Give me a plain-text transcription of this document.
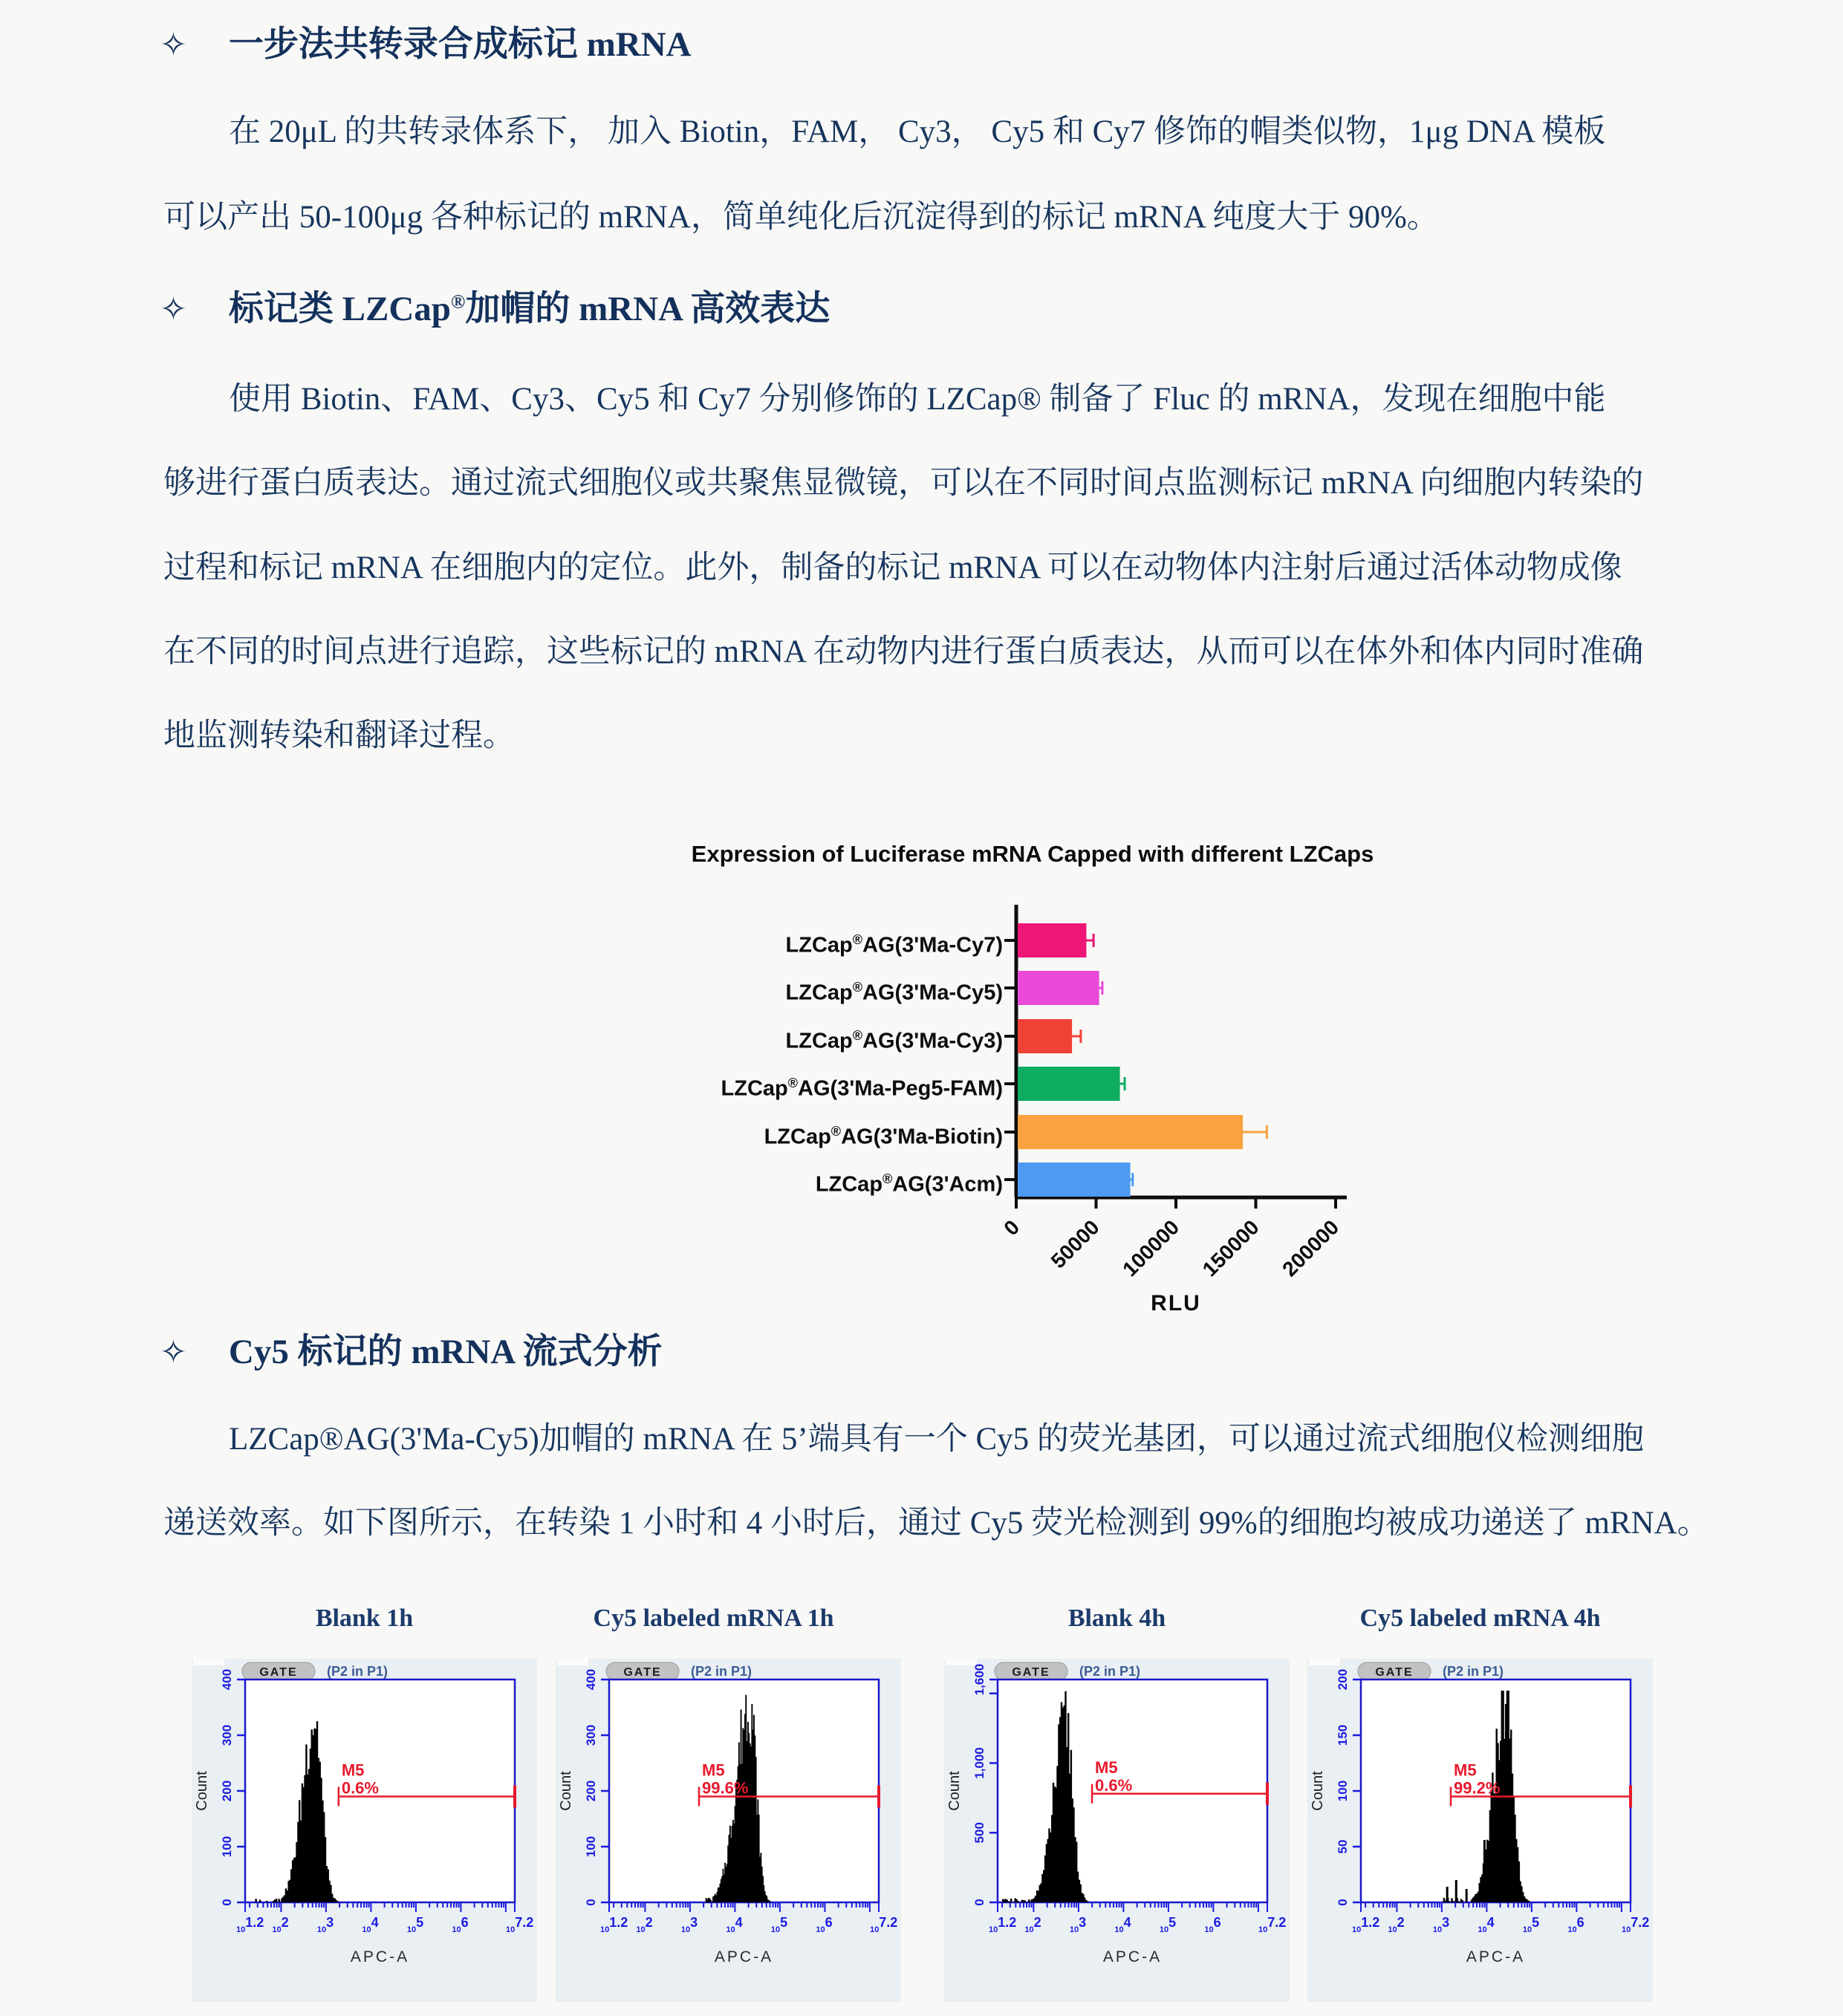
✧ 一步法共转录合成标记 mRNA
在 20μL 的共转录体系下， 加入 Biotin，FAM， Cy3， Cy5 和 Cy7 修饰的帽类似物，1μg DNA 模板
可以产出 50-100μg 各种标记的 mRNA，简单纯化后沉淀得到的标记 mRNA 纯度大于 90%。
✧ 标记类 LZCap®加帽的 mRNA 高效表达
使用 Biotin、FAM、Cy3、Cy5 和 Cy7 分别修饰的 LZCap® 制备了 Fluc 的 mRNA，发现在细胞中能
够进行蛋白质表达。通过流式细胞仪或共聚焦显微镜，可以在不同时间点监测标记 mRNA 向细胞内转染的
过程和标记 mRNA 在细胞内的定位。此外，制备的标记 mRNA 可以在动物体内注射后通过活体动物成像
在不同的时间点进行追踪，这些标记的 mRNA 在动物内进行蛋白质表达，从而可以在体外和体内同时准确
地监测转染和翻译过程。
Expression of Luciferase mRNA Capped with different LZCaps
LZCap®AG(3'Ma-Cy7)
LZCap®AG(3'Ma-Cy5)
LZCap®AG(3'Ma-Cy3)
LZCap®AG(3'Ma-Peg5-FAM)
LZCap®AG(3'Ma-Biotin)
LZCap®AG(3'Acm)
0 50000 100000 150000 200000
RLU
✧ Cy5 标记的 mRNA 流式分析
LZCap®AG(3'Ma-Cy5)加帽的 mRNA 在 5’端具有一个 Cy5 的荧光基团，可以通过流式细胞仪检测细胞
递送效率。如下图所示，在转染 1 小时和 4 小时后，通过 Cy5 荧光检测到 99%的细胞均被成功递送了 mRNA。
Blank 1h	Cy5 labeled mRNA 1h	Blank 4h	Cy5 labeled mRNA 4h
GATE (P2 in P1)
400
300
200
100
0
Count
101.2 102	103	104	105	106	107.2
APC-A
M5
0.6%
GATE (P2 in P1)
400
300
200
100
0
Count
101.2 102	103	104	105	106	107.2
APC-A
M5
99.6%
GATE (P2 in P1)
1,600
1,000
500
0
Count
101.2 102	103	104	105	106	107.2
APC-A
M5
0.6%
GATE (P2 in P1)
200
150
100
50
0
Count
101.2 102	103	104	105	106	107.2
APC-A
M5
99.2%
